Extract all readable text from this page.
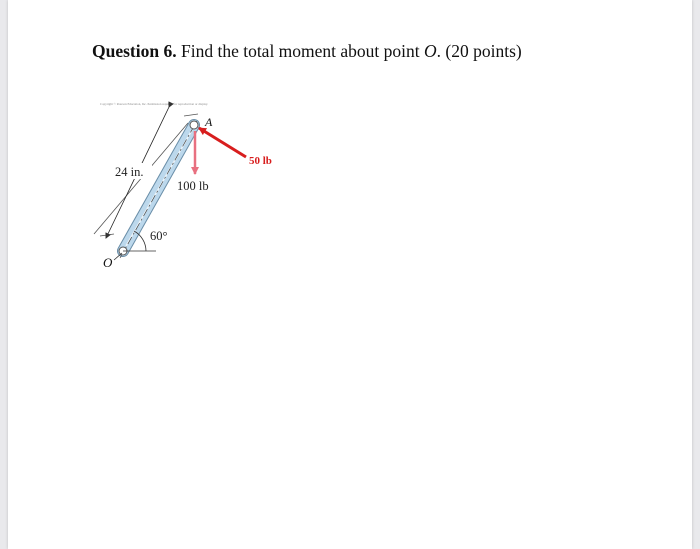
Question 6. Find the total moment about point O. (20 points)
Copyright © Pearson Education, Inc. Permission required for reproduction or display.
24 in.
60°
O
A
50 lb
100 lb
